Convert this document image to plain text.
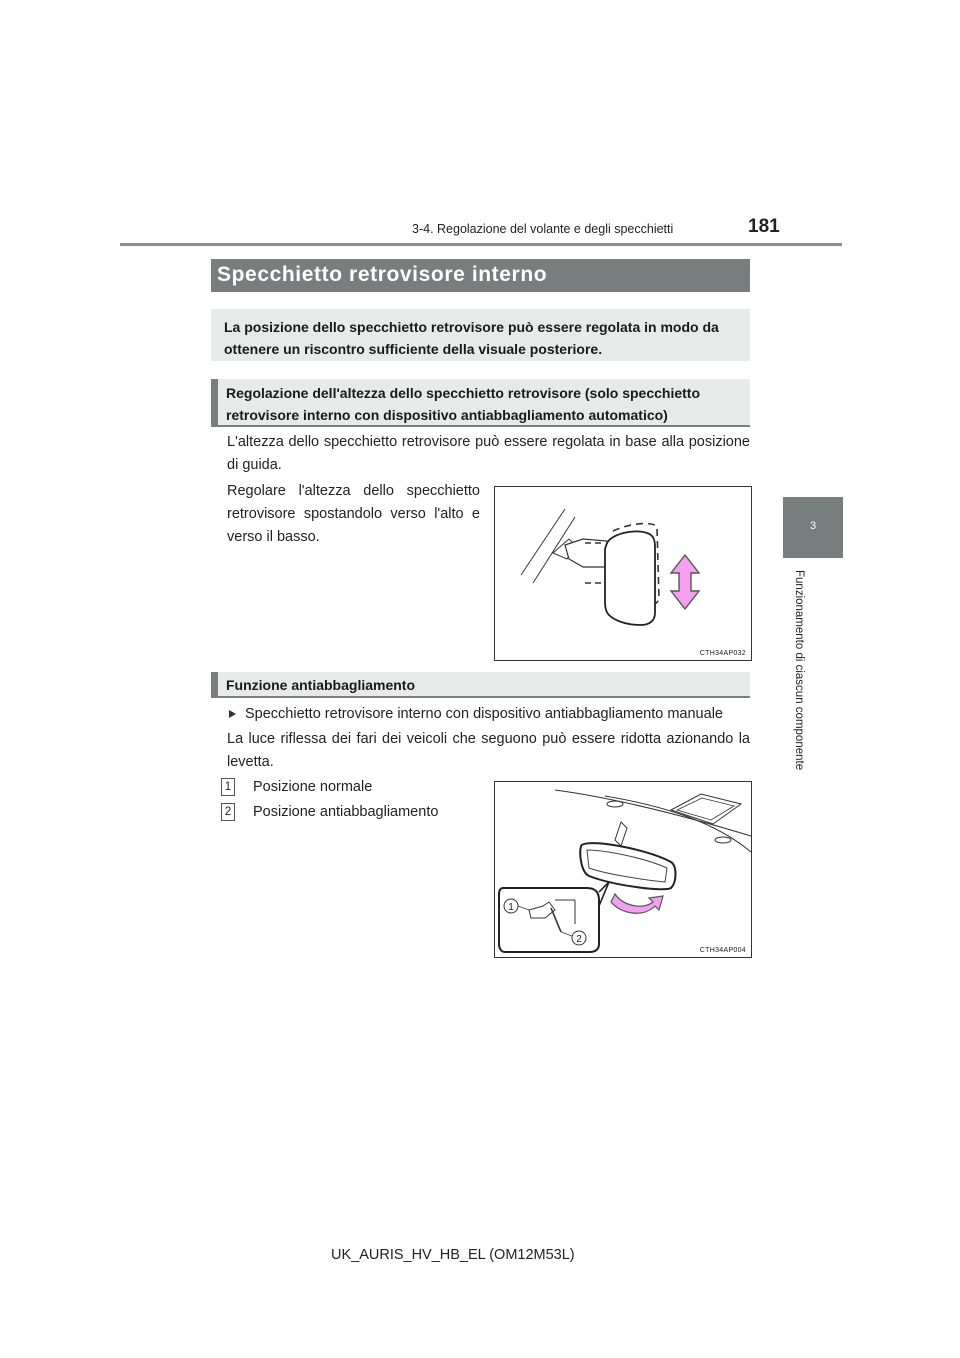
3-4. Regolazione del volante e degli specchietti	181
3
Funzionamento di ciascun componente
Specchietto retrovisore interno
La posizione dello specchietto retrovisore può essere regolata in modo da ottenere un riscontro sufficiente della visuale posteriore.
Regolazione dell'altezza dello specchietto retrovisore (solo specchietto retrovisore interno con dispositivo antiabbagliamento automatico)
L'altezza dello specchietto retrovisore può essere regolata in base alla posizione di guida.
Regolare l'altezza dello specchietto retrovisore spostandolo verso l'alto e verso il basso.
CTH34AP032
Funzione antiabbagliamento
Specchietto retrovisore interno con dispositivo antiabbagliamento manuale
La luce riflessa dei fari dei veicoli che seguono può essere ridotta azionando la levetta.
1 Posizione normale
2 Posizione antiabbagliamento
1
2
CTH34AP004
UK_AURIS_HV_HB_EL (OM12M53L)
